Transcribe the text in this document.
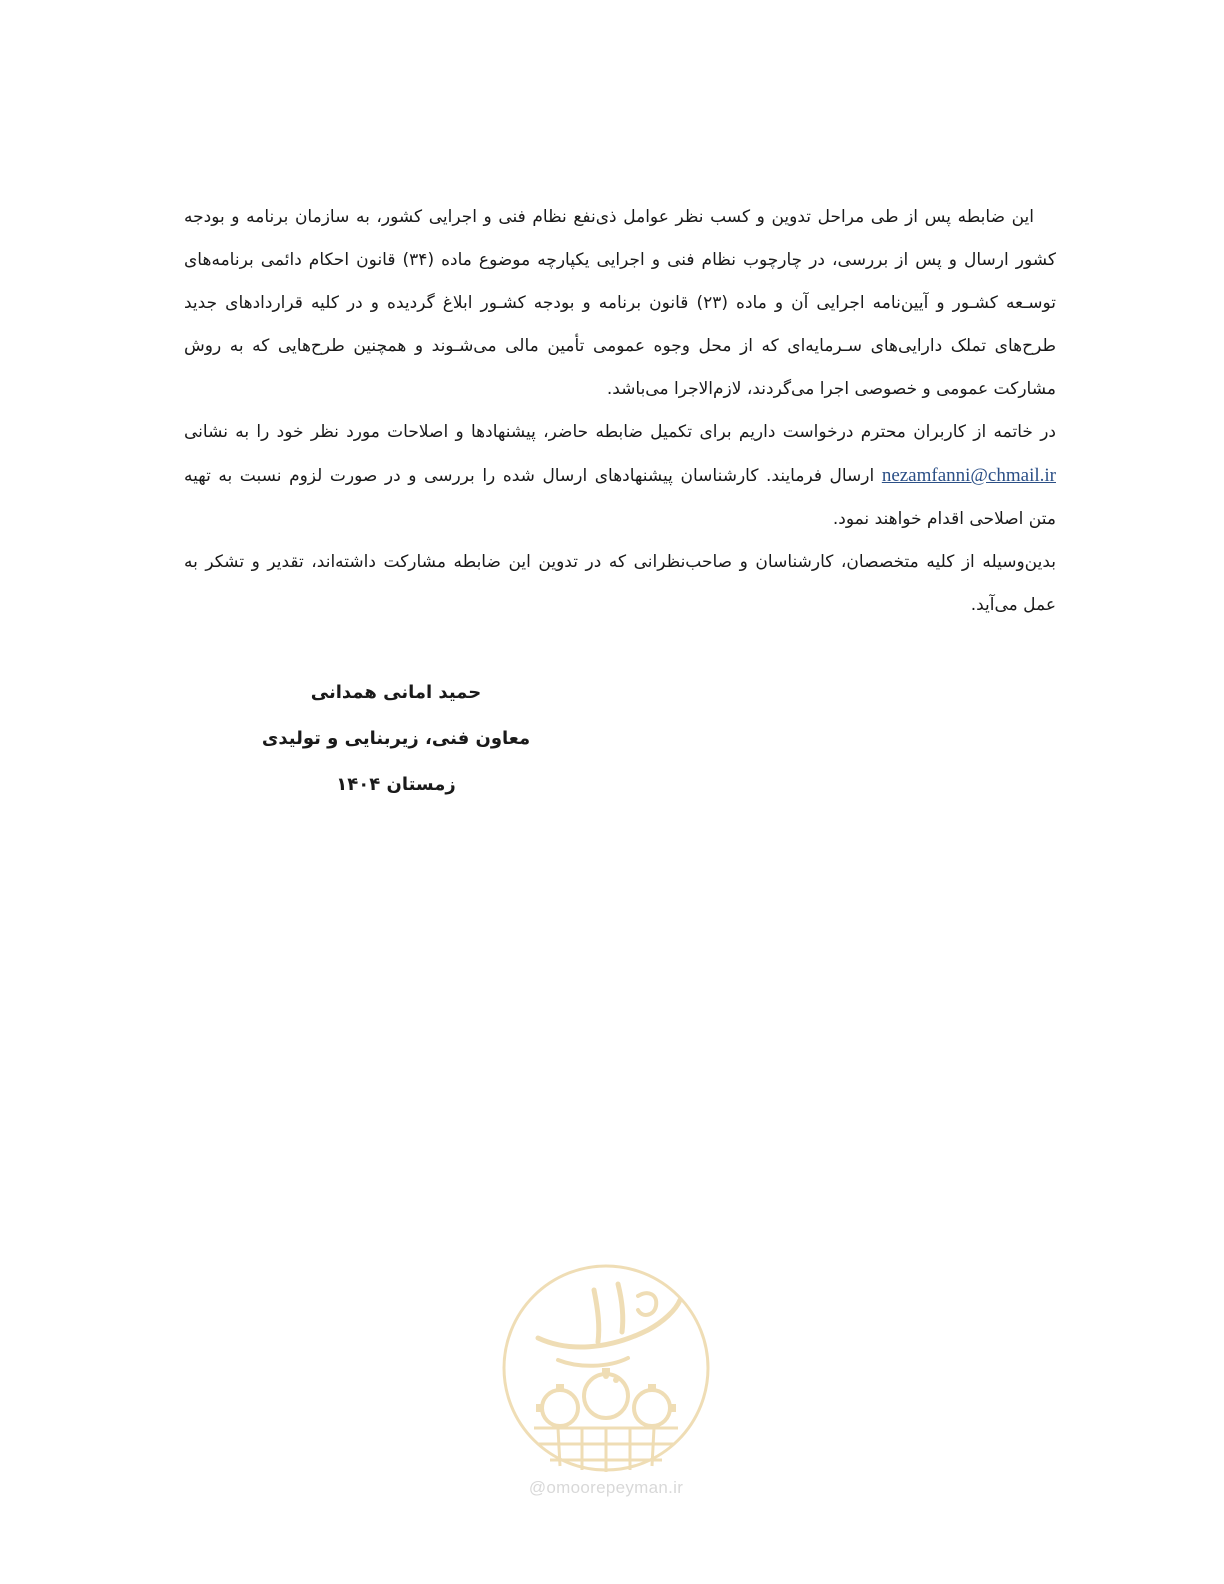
این ضابطه پس از طی مراحل تدوین و کسب نظر عوامل ذی‌نفع نظام فنی و اجرایی کشور، به سازمان برنامه و بودجه کشور ارسال و پس از بررسی، در چارچوب نظام فنی و اجرایی یکپارچه موضوع ماده (۳۴) قانون احکام دائمی برنامه‌های توسـعه کشـور و آیین‌نامه اجرایی آن و ماده (۲۳) قانون برنامه و بودجه کشـور ابلاغ گردیده و در کلیه قراردادهای جدید طرح‌های تملک دارایی‌های سـرمایه‌ای که از محل وجوه عمومی تأمین مالی می‌شـوند و همچنین طرح‌هایی که به روش مشارکت عمومی و خصوصی اجرا می‌گردند، لازم‌الاجرا می‌باشد.

در خاتمه از کاربران محترم درخواست داریم برای تکمیل ضابطه حاضر، پیشنهادها و اصلاحات مورد نظر خود را به نشانی nezamfanni@chmail.ir ارسال فرمایند. کارشناسان پیشنهادهای ارسال شده را بررسی و در صورت لزوم نسبت به تهیه متن اصلاحی اقدام خواهند نمود.

بدین‌وسیله از کلیه متخصصان، کارشناسان و صاحب‌نظرانی که در تدوین این ضابطه مشارکت داشته‌اند، تقدیر و تشکر به عمل می‌آید.

حمید امانی همدانی
معاون فنی، زیربنایی و تولیدی
زمستان ۱۴۰۴
@omoorepeyman.ir
